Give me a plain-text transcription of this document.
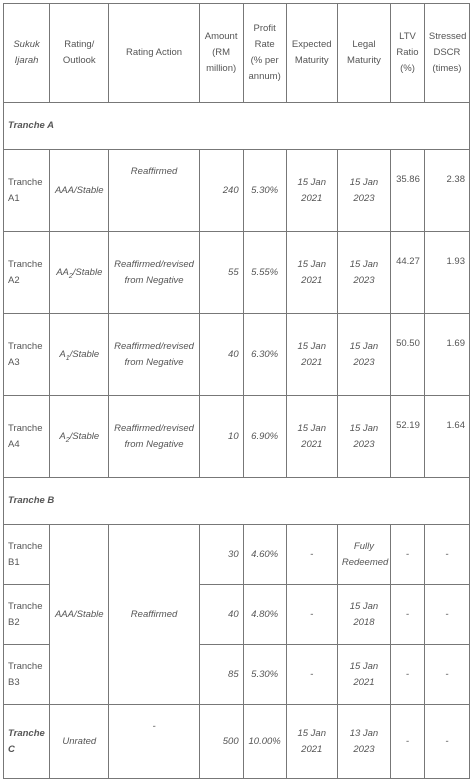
Sukuk Ijarah	Rating/ Outlook	Rating Action	Amount (RM million)	Profit Rate (% per annum)	Expected Maturity	Legal Maturity	LTV Ratio (%)	Stressed DSCR (times)
Tranche A								
Tranche A1	AAA/Stable	Reaffirmed	240	5.30%	15 Jan 2021	15 Jan 2023	35.86	2.38
Tranche A2	$AA_2$/Stable	Reaffirmed/revised from Negative	55	5.55%	15 Jan 2021	15 Jan 2023	44.27	1.93
Tranche A3	$A_1$/Stable	Reaffirmed/revised from Negative	40	6.30%	15 Jan 2021	15 Jan 2023	50.50	1.69
Tranche A4	$A_2$/Stable	Reaffirmed/revised from Negative	10	6.90%	15 Jan 2021	15 Jan 2023	52.19	1.64
Tranche B								
Tranche B1	AAA/Stable	Reaffirmed	30	4.60%	-	Fully Redeemed	-	-
Tranche B2			40	4.80%	-	15 Jan 2018	-	-
Tranche B3			85	5.30%	-	15 Jan 2021	-	-
Tranche C	Unrated	-	500	10.00%	15 Jan 2021	13 Jan 2023	-	-
